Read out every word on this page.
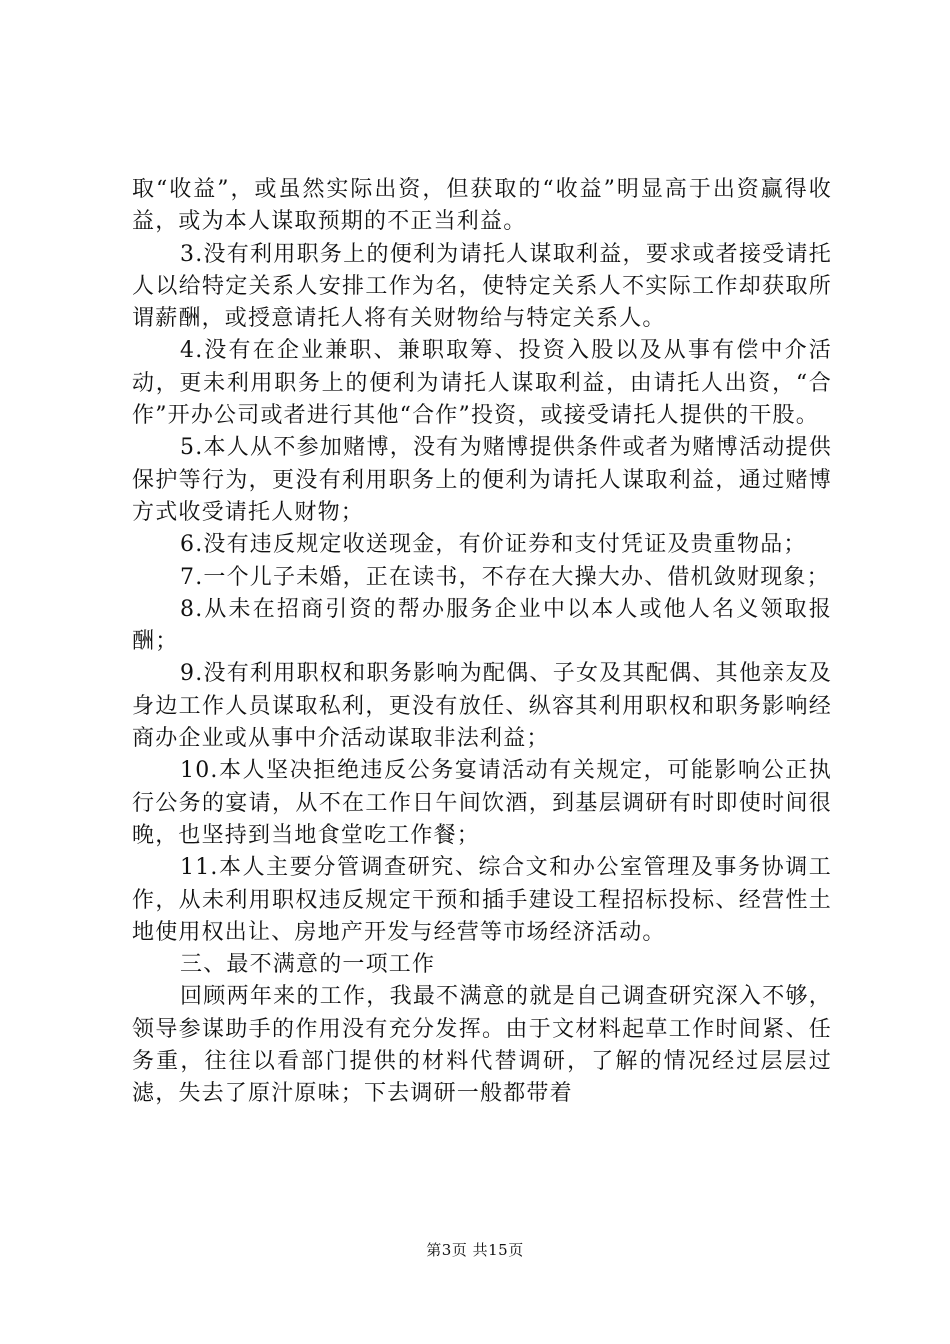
取“收益”，或虽然实际出资，但获取的“收益”明显高于出资赢得收益，或为本人谋取预期的不正当利益。

3.没有利用职务上的便利为请托人谋取利益，要求或者接受请托人以给特定关系人安排工作为名，使特定关系人不实际工作却获取所谓薪酬，或授意请托人将有关财物给与特定关系人。

4.没有在企业兼职、兼职取筹、投资入股以及从事有偿中介活动，更未利用职务上的便利为请托人谋取利益，由请托人出资，“合作”开办公司或者进行其他“合作”投资，或接受请托人提供的干股。

5.本人从不参加赌博，没有为赌博提供条件或者为赌博活动提供保护等行为，更没有利用职务上的便利为请托人谋取利益，通过赌博方式收受请托人财物；

6.没有违反规定收送现金，有价证券和支付凭证及贵重物品；

7.一个儿子未婚，正在读书，不存在大操大办、借机敛财现象；

8.从未在招商引资的帮办服务企业中以本人或他人名义领取报酬；

9.没有利用职权和职务影响为配偶、子女及其配偶、其他亲友及身边工作人员谋取私利，更没有放任、纵容其利用职权和职务影响经商办企业或从事中介活动谋取非法利益；

10.本人坚决拒绝违反公务宴请活动有关规定，可能影响公正执行公务的宴请，从不在工作日午间饮酒，到基层调研有时即使时间很晚，也坚持到当地食堂吃工作餐；

11.本人主要分管调查研究、综合文和办公室管理及事务协调工作，从未利用职权违反规定干预和插手建设工程招标投标、经营性土地使用权出让、房地产开发与经营等市场经济活动。

三、最不满意的一项工作

回顾两年来的工作，我最不满意的就是自己调查研究深入不够，领导参谋助手的作用没有充分发挥。由于文材料起草工作时间紧、任务重，往往以看部门提供的材料代替调研，了解的情况经过层层过滤，失去了原汁原味；下去调研一般都带着

第3页 共15页
